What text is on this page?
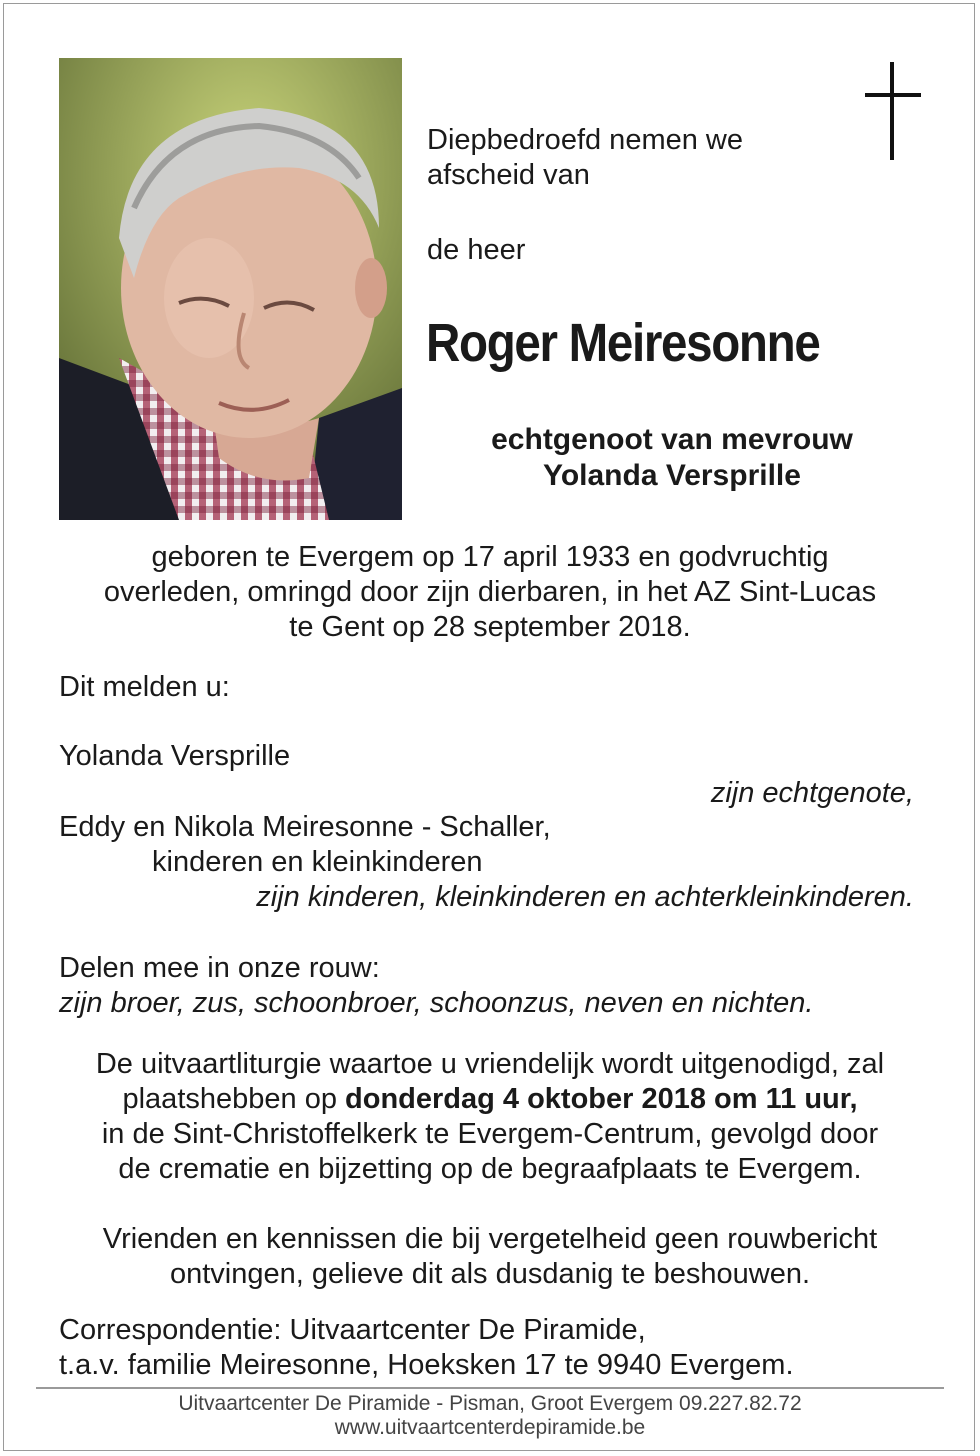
Diepbedroefd nemen we
afscheid van
de heer
Roger Meiresonne
echtgenoot van mevrouw
Yolanda Versprille
geboren te Evergem op 17 april 1933 en godvruchtig
overleden, omringd door zijn dierbaren, in het AZ Sint-Lucas
te Gent op 28 september 2018.
Dit melden u:
Yolanda Versprille
zijn echtgenote,
Eddy en Nikola Meiresonne - Schaller,
kinderen en kleinkinderen
zijn kinderen, kleinkinderen en achterkleinkinderen.
Delen mee in onze rouw:
zijn broer, zus, schoonbroer, schoonzus, neven en nichten.
De uitvaartliturgie waartoe u vriendelijk wordt uitgenodigd, zal
plaatshebben op donderdag 4 oktober 2018 om 11 uur,
in de Sint-Christoffelkerk te Evergem-Centrum, gevolgd door
de crematie en bijzetting op de begraafplaats te Evergem.
Vrienden en kennissen die bij vergetelheid geen rouwbericht
ontvingen, gelieve dit als dusdanig te beshouwen.
Correspondentie: Uitvaartcenter De Piramide,
t.a.v. familie Meiresonne, Hoeksken 17 te 9940 Evergem.
Uitvaartcenter De Piramide - Pisman, Groot Evergem 09.227.82.72
www.uitvaartcenterdepiramide.be
